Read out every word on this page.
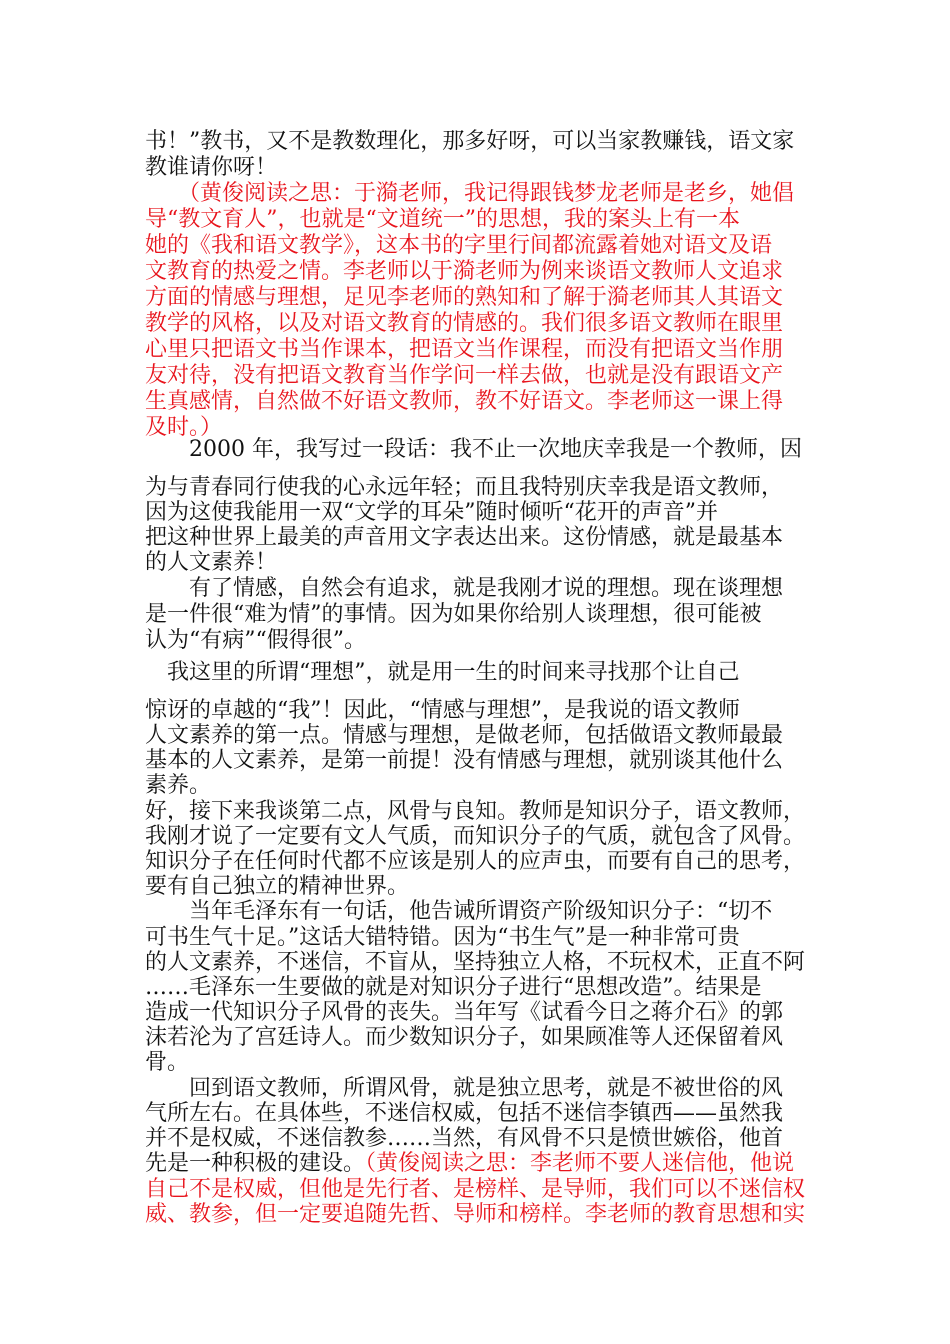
书！”教书，又不是教数理化，那多好呀，可以当家教赚钱，语文家
教谁请你呀！
　　（黄俊阅读之思：于漪老师，我记得跟钱梦龙老师是老乡，她倡
导“教文育人”，也就是“文道统一”的思想，我的案头上有一本
她的《我和语文教学》，这本书的字里行间都流露着她对语文及语
文教育的热爱之情。李老师以于漪老师为例来谈语文教师人文追求
方面的情感与理想，足见李老师的熟知和了解于漪老师其人其语文
教学的风格，以及对语文教育的情感的。我们很多语文教师在眼里
心里只把语文书当作课本，把语文当作课程，而没有把语文当作朋
友对待，没有把语文教育当作学问一样去做，也就是没有跟语文产
生真感情，自然做不好语文教师，教不好语文。李老师这一课上得
及时。）
　　2000 年，我写过一段话：我不止一次地庆幸我是一个教师，因
为与青春同行使我的心永远年轻；而且我特别庆幸我是语文教师，
因为这使我能用一双“文学的耳朵”随时倾听“花开的声音”并
把这种世界上最美的声音用文字表达出来。这份情感，就是最基本
的人文素养！
　　有了情感，自然会有追求，就是我刚才说的理想。现在谈理想
是一件很“难为情”的事情。因为如果你给别人谈理想，很可能被
认为“有病”“假得很”。
　我这里的所谓“理想”，就是用一生的时间来寻找那个让自己
惊讶的卓越的“我”！因此，“情感与理想”，是我说的语文教师
人文素养的第一点。情感与理想，是做老师，包括做语文教师最最
基本的人文素养，是第一前提！没有情感与理想，就别谈其他什么
素养。
好，接下来我谈第二点，风骨与良知。教师是知识分子，语文教师，
我刚才说了一定要有文人气质，而知识分子的气质，就包含了风骨。
知识分子在任何时代都不应该是别人的应声虫，而要有自己的思考，
要有自己独立的精神世界。
　　当年毛泽东有一句话，他告诫所谓资产阶级知识分子：“切不
可书生气十足。”这话大错特错。因为“书生气”是一种非常可贵
的人文素养，不迷信，不盲从，坚持独立人格，不玩权术，正直不阿
……毛泽东一生要做的就是对知识分子进行“思想改造”。结果是
造成一代知识分子风骨的丧失。当年写《试看今日之蒋介石》的郭
沫若沦为了宫廷诗人。而少数知识分子，如果顾准等人还保留着风
骨。
　　回到语文教师，所谓风骨，就是独立思考，就是不被世俗的风
气所左右。在具体些，不迷信权威，包括不迷信李镇西——虽然我
并不是权威，不迷信教参……当然，有风骨不只是愤世嫉俗，他首
先是一种积极的建设。（黄俊阅读之思：李老师不要人迷信他，他说
自己不是权威，但他是先行者、是榜样、是导师，我们可以不迷信权
威、教参，但一定要追随先哲、导师和榜样。李老师的教育思想和实
